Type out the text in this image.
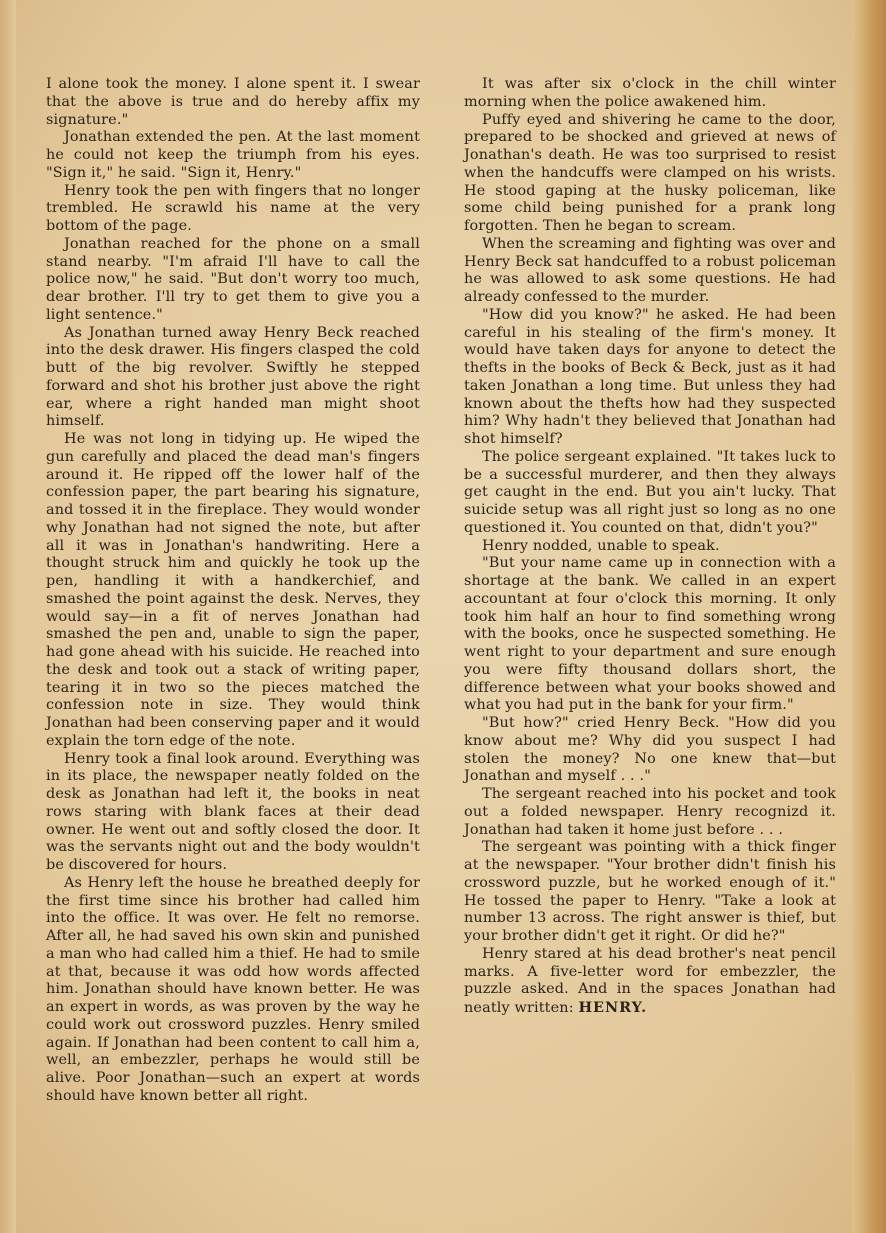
I alone took the money. I alone spent it. I swear that the above is true and do hereby affix my signature."

Jonathan extended the pen. At the last moment he could not keep the triumph from his eyes. "Sign it," he said. "Sign it, Henry."

Henry took the pen with fingers that no longer trembled. He scrawld his name at the very bottom of the page.

Jonathan reached for the phone on a small stand nearby. "I'm afraid I'll have to call the police now," he said. "But don't worry too much, dear brother. I'll try to get them to give you a light sentence."

As Jonathan turned away Henry Beck reached into the desk drawer. His fingers clasped the cold butt of the big revolver. Swiftly he stepped forward and shot his brother just above the right ear, where a right handed man might shoot himself.

He was not long in tidying up. He wiped the gun carefully and placed the dead man's fingers around it. He ripped off the lower half of the confession paper, the part bearing his signature, and tossed it in the fireplace. They would wonder why Jonathan had not signed the note, but after all it was in Jonathan's handwriting. Here a thought struck him and quickly he took up the pen, handling it with a handkerchief, and smashed the point against the desk. Nerves, they would say—in a fit of nerves Jonathan had smashed the pen and, unable to sign the paper, had gone ahead with his suicide. He reached into the desk and took out a stack of writing paper, tearing it in two so the pieces matched the confession note in size. They would think Jonathan had been conserving paper and it would explain the torn edge of the note.

Henry took a final look around. Everything was in its place, the newspaper neatly folded on the desk as Jonathan had left it, the books in neat rows staring with blank faces at their dead owner. He went out and softly closed the door. It was the servants night out and the body wouldn't be discovered for hours.

As Henry left the house he breathed deeply for the first time since his brother had called him into the office. It was over. He felt no remorse. After all, he had saved his own skin and punished a man who had called him a thief. He had to smile at that, because it was odd how words affected him. Jonathan should have known better. He was an expert in words, as was proven by the way he could work out crossword puzzles. Henry smiled again. If Jonathan had been content to call him a, well, an embezzler, perhaps he would still be alive. Poor Jonathan—such an expert at words should have known better all right.

It was after six o'clock in the chill winter morning when the police awakened him.

Puffy eyed and shivering he came to the door, prepared to be shocked and grieved at news of Jonathan's death. He was too surprised to resist when the handcuffs were clamped on his wrists. He stood gaping at the husky policeman, like some child being punished for a prank long forgotten. Then he began to scream.

When the screaming and fighting was over and Henry Beck sat handcuffed to a robust policeman he was allowed to ask some questions. He had already confessed to the murder.

"How did you know?" he asked. He had been careful in his stealing of the firm's money. It would have taken days for anyone to detect the thefts in the books of Beck & Beck, just as it had taken Jonathan a long time. But unless they had known about the thefts how had they suspected him? Why hadn't they believed that Jonathan had shot himself?

The police sergeant explained. "It takes luck to be a successful murderer, and then they always get caught in the end. But you ain't lucky. That suicide setup was all right just so long as no one questioned it. You counted on that, didn't you?"

Henry nodded, unable to speak.

"But your name came up in connection with a shortage at the bank. We called in an expert accountant at four o'clock this morning. It only took him half an hour to find something wrong with the books, once he suspected something. He went right to your department and sure enough you were fifty thousand dollars short, the difference between what your books showed and what you had put in the bank for your firm."

"But how?" cried Henry Beck. "How did you know about me? Why did you suspect I had stolen the money? No one knew that—but Jonathan and myself . . ."

The sergeant reached into his pocket and took out a folded newspaper. Henry recognizd it. Jonathan had taken it home just before . . .

The sergeant was pointing with a thick finger at the newspaper. "Your brother didn't finish his crossword puzzle, but he worked enough of it." He tossed the paper to Henry. "Take a look at number 13 across. The right answer is thief, but your brother didn't get it right. Or did he?"

Henry stared at his dead brother's neat pencil marks. A five-letter word for embezzler, the puzzle asked. And in the spaces Jonathan had neatly written: HENRY.
